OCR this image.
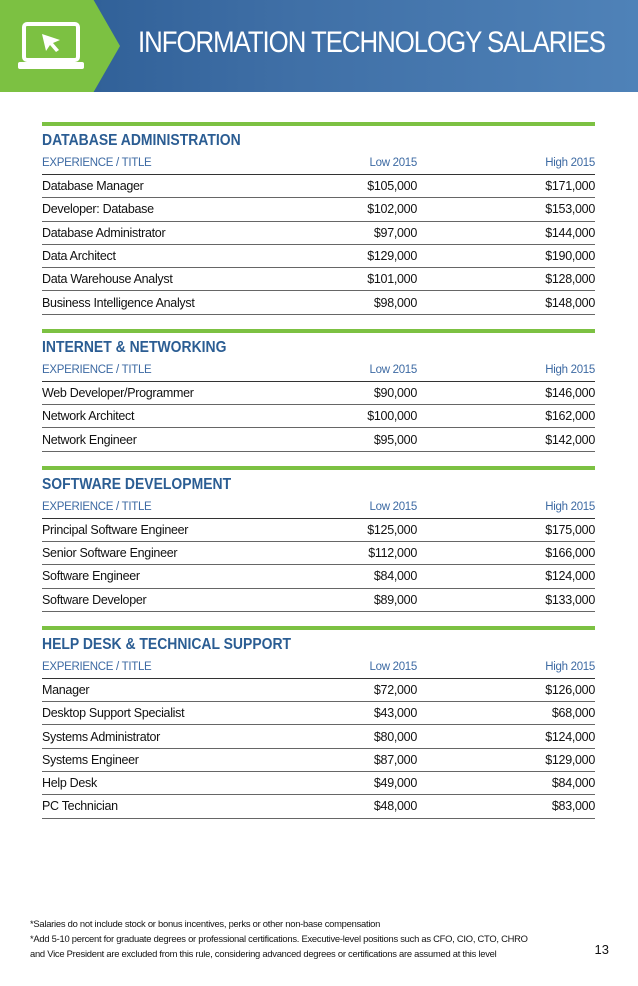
INFORMATION TECHNOLOGY SALARIES
DATABASE ADMINISTRATION
EXPERIENCE / TITLE	Low 2015	High 2015
Database Manager	$105,000	$171,000
Developer: Database	$102,000	$153,000
Database Administrator	$97,000	$144,000
Data Architect	$129,000	$190,000
Data Warehouse Analyst	$101,000	$128,000
Business Intelligence Analyst	$98,000	$148,000
INTERNET & NETWORKING
EXPERIENCE / TITLE	Low 2015	High 2015
Web Developer/Programmer	$90,000	$146,000
Network Architect	$100,000	$162,000
Network Engineer	$95,000	$142,000
SOFTWARE DEVELOPMENT
EXPERIENCE / TITLE	Low 2015	High 2015
Principal Software Engineer	$125,000	$175,000
Senior Software Engineer	$112,000	$166,000
Software Engineer	$84,000	$124,000
Software Developer	$89,000	$133,000
HELP DESK & TECHNICAL SUPPORT
EXPERIENCE / TITLE	Low 2015	High 2015
Manager	$72,000	$126,000
Desktop Support Specialist	$43,000	$68,000
Systems Administrator	$80,000	$124,000
Systems Engineer	$87,000	$129,000
Help Desk	$49,000	$84,000
PC Technician	$48,000	$83,000
*Salaries do not include stock or bonus incentives, perks or other non-base compensation
*Add 5-10 percent for graduate degrees or professional certifications. Executive-level positions such as CFO, CIO, CTO, CHRO
and Vice President are excluded from this rule, considering advanced degrees or certifications are assumed at this level	13
